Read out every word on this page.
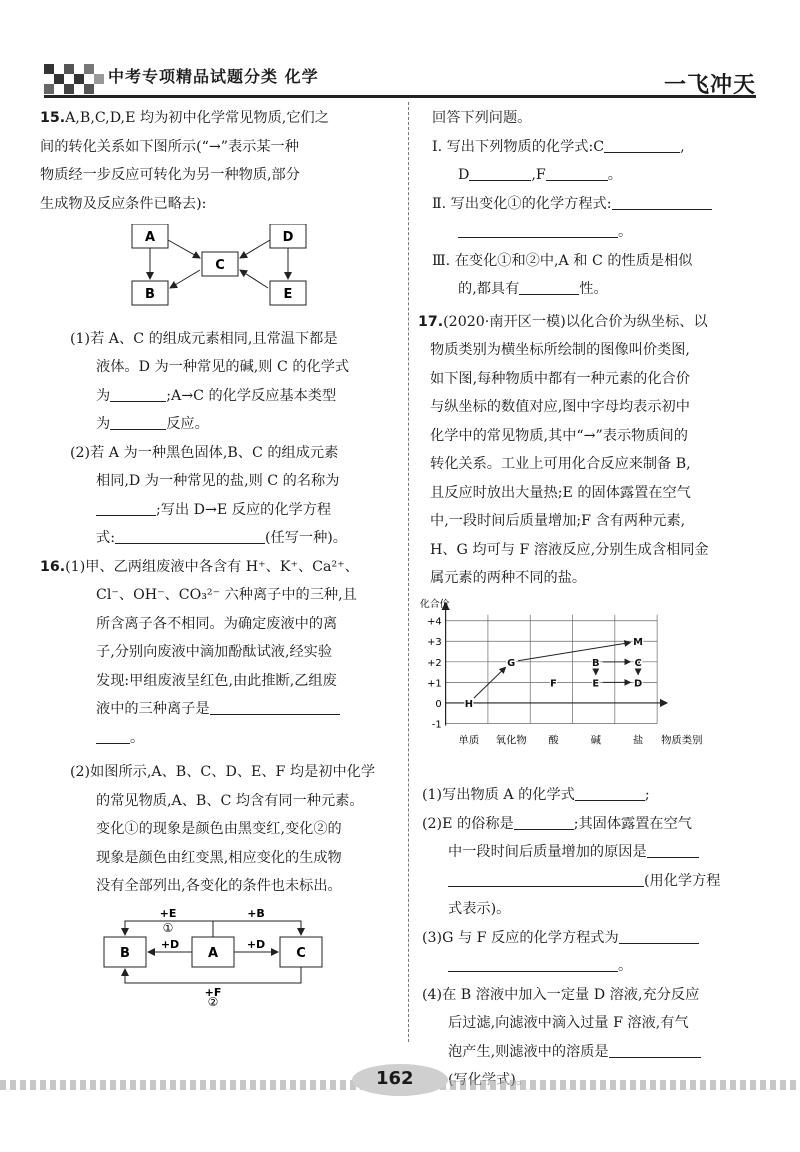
中考专项精品试题分类 化学	一飞冲天

15.A,B,C,D,E 均为初中化学常见物质,它们之

间的转化关系如下图所示(“→”表示某一种

物质经一步反应可转化为另一种物质,部分

生成物及反应条件已略去):

A
B
C
D
E

(1)若 A、C 的组成元素相同,且常温下都是

液体。D 为一种常见的碱,则 C 的化学式

为	;A→C 的化学反应基本类型

为	反应。

(2)若 A 为一种黑色固体,B、C 的组成元素

相同,D 为一种常见的盐,则 C 的名称为

;写出 D→E 反应的化学方程

式:	(任写一种)。

16.(1)甲、乙两组废液中各含有 H⁺、K⁺、Ca²⁺、

Cl⁻、OH⁻、CO₃²⁻ 六种离子中的三种,且

所含离子各不相同。为确定废液中的离

子,分别向废液中滴加酚酞试液,经实验

发现:甲组废液呈红色,由此推断,乙组废

液中的三种离子是

。

(2)如图所示,A、B、C、D、E、F 均是初中化学

的常见物质,A、B、C 均含有同一种元素。

变化①的现象是颜色由黑变红,变化②的

现象是颜色由红变黑,相应变化的生成物

没有全部列出,各变化的条件也未标出。

B	A	C
+E
①
+B
+D	+D
+F
②

回答下列问题。

Ⅰ. 写出下列物质的化学式:C	,

D	,F	。

Ⅱ. 写出变化①的化学方程式:

。

Ⅲ. 在变化①和②中,A 和 C 的性质是相似

的,都具有	性。

17.(2020·南开区一模)以化合价为纵坐标、以

物质类别为横坐标所绘制的图像叫价类图,

如下图,每种物质中都有一种元素的化合价

与纵坐标的数值对应,图中字母均表示初中

化学中的常见物质,其中“→”表示物质间的

转化关系。工业上可用化合反应来制备 B,

且反应时放出大量热;E 的固体露置在空气

中,一段时间后质量增加;F 含有两种元素,

H、G 均可与 F 溶液反应,分别生成含相同金

属元素的两种不同的盐。

化合价
+4
+3
+2
+1
0
-1
单质 氧化物 酸	碱	盐 物质类别
H
G
F
B
E
M
C
D

(1)写出物质 A 的化学式	;

(2)E 的俗称是	;其固体露置在空气

中一段时间后质量增加的原因是

(用化学方程

式表示)。

(3)G 与 F 反应的化学方程式为

。

(4)在 B 溶液中加入一定量 D 溶液,充分反应

后过滤,向滤液中滴入过量 F 溶液,有气

泡产生,则滤液中的溶质是

162
